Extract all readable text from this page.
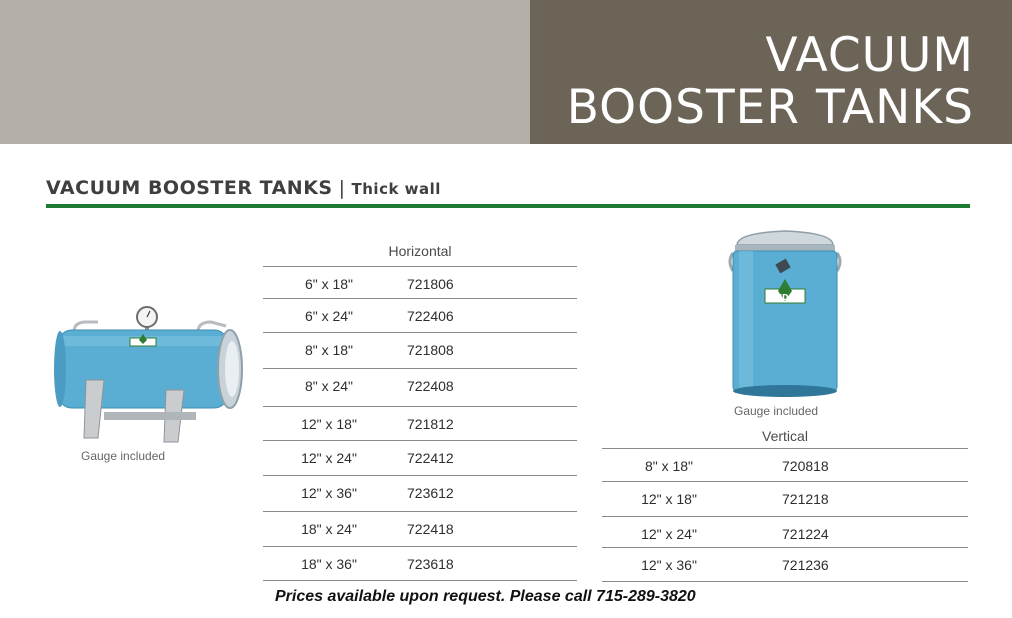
VACUUM
BOOSTER TANKS
VACUUM BOOSTER TANKS | Thick wall
Gauge included
Horizontal
6" x 18"	721806
6" x 24"	722406
8" x 18"	721808
8" x 24"	722408
12" x 18"	721812
12" x 24"	722412
12" x 36"	723612
18" x 24"	722418
18" x 36"	723618
CDL
Gauge included
Vertical
8" x 18"	720818
12" x 18"	721218
12" x 24"	721224
12" x 36"	721236
Prices available upon request. Please call 715-289-3820
